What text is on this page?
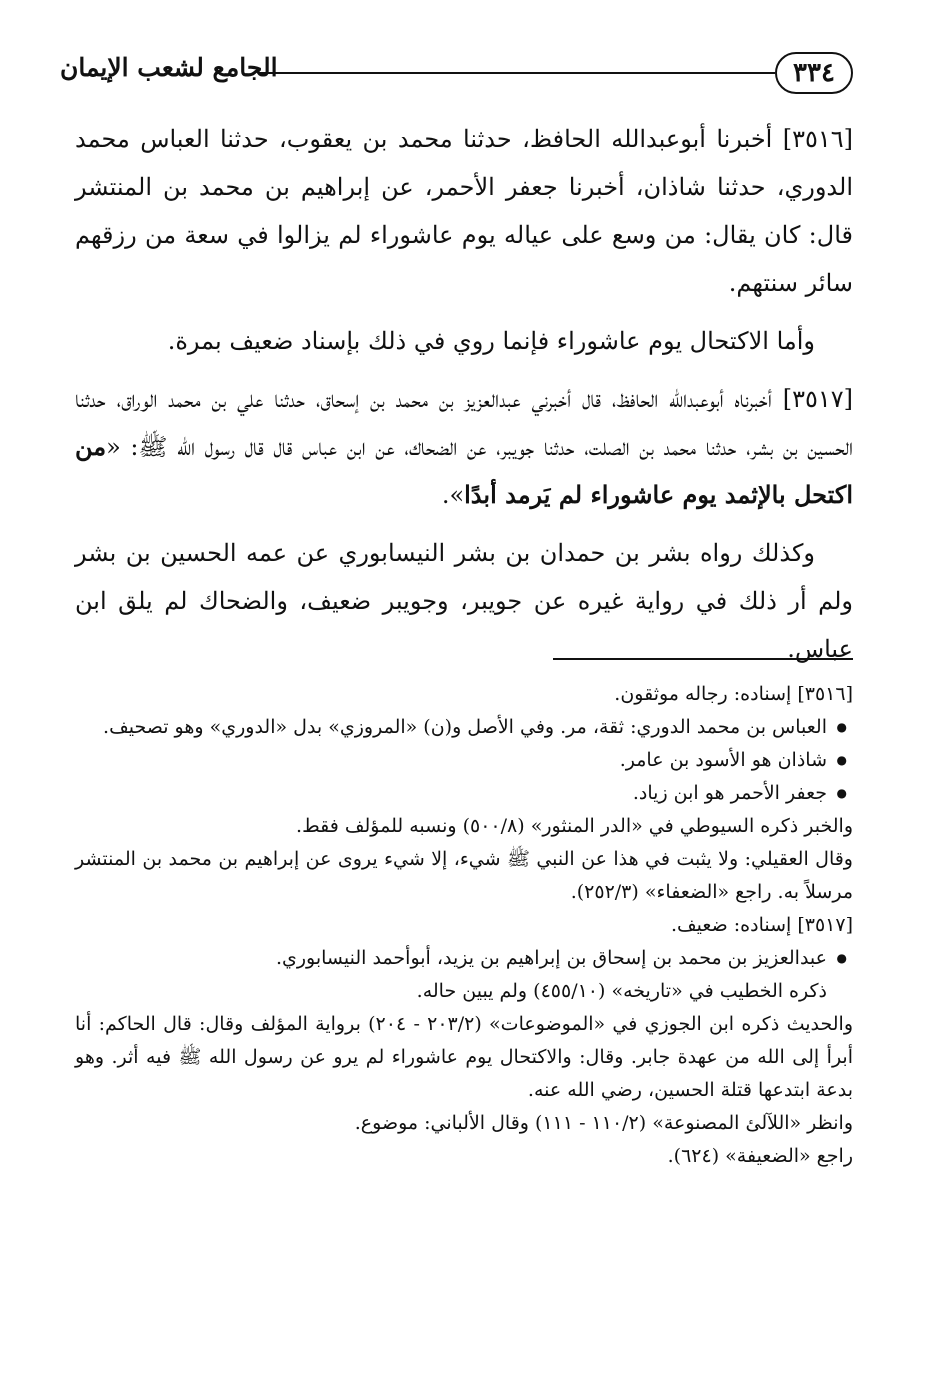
٣٣٤
الجامع لشعب الإيمان

[٣٥١٦] أخبرنا أبوعبدالله الحافظ، حدثنا محمد بن يعقوب، حدثنا العباس محمد الدوري، حدثنا شاذان، أخبرنا جعفر الأحمر، عن إبراهيم بن محمد بن المنتشر قال: كان يقال: من وسع على عياله يوم عاشوراء لم يزالوا في سعة من رزقهم سائر سنتهم.

وأما الاكتحال يوم عاشوراء فإنما روي في ذلك بإسناد ضعيف بمرة.

[٣٥١٧] أخبرناه أبوعبدالله الحافظ، قال أخبرني عبدالعزيز بن محمد بن إسحاق، حدثنا علي بن محمد الوراق، حدثنا الحسين بن بشر، حدثنا محمد بن الصلت، حدثنا جويبر، عن الضحاك، عن ابن عباس قال قال رسول الله ﷺ: «من اكتحل بالإثمد يوم عاشوراء لم يَرمد أبدًا».

وكذلك رواه بشر بن حمدان بن بشر النيسابوري عن عمه الحسين بن بشر ولم أر ذلك في رواية غيره عن جويبر، وجويبر ضعيف، والضحاك لم يلق ابن عباس.

[٣٥١٦] إسناده: رجاله موثقون.

● العباس بن محمد الدوري: ثقة، مر. وفي الأصل و(ن) «المروزي» بدل «الدوري» وهو تصحيف.

● شاذان هو الأسود بن عامر.

● جعفر الأحمر هو ابن زياد.

والخبر ذكره السيوطي في «الدر المنثور» (٥٠٠/٨) ونسبه للمؤلف فقط.

وقال العقيلي: ولا يثبت في هذا عن النبي ﷺ شيء، إلا شيء يروى عن إبراهيم بن محمد بن المنتشر مرسلاً به. راجع «الضعفاء» (٢٥٢/٣).

[٣٥١٧] إسناده: ضعيف.

● عبدالعزيز بن محمد بن إسحاق بن إبراهيم بن يزيد، أبوأحمد النيسابوري.

ذكره الخطيب في «تاريخه» (٤٥٥/١٠) ولم يبين حاله.

والحديث ذكره ابن الجوزي في «الموضوعات» (٢٠٣/٢ - ٢٠٤) برواية المؤلف وقال: قال الحاكم: أنا أبرأ إلى الله من عهدة جابر. وقال: والاكتحال يوم عاشوراء لم يرو عن رسول الله ﷺ فيه أثر. وهو بدعة ابتدعها قتلة الحسين، رضي الله عنه.

وانظر «اللآلئ المصنوعة» (١١٠/٢ - ١١١) وقال الألباني: موضوع.

راجع «الضعيفة» (٦٢٤).
